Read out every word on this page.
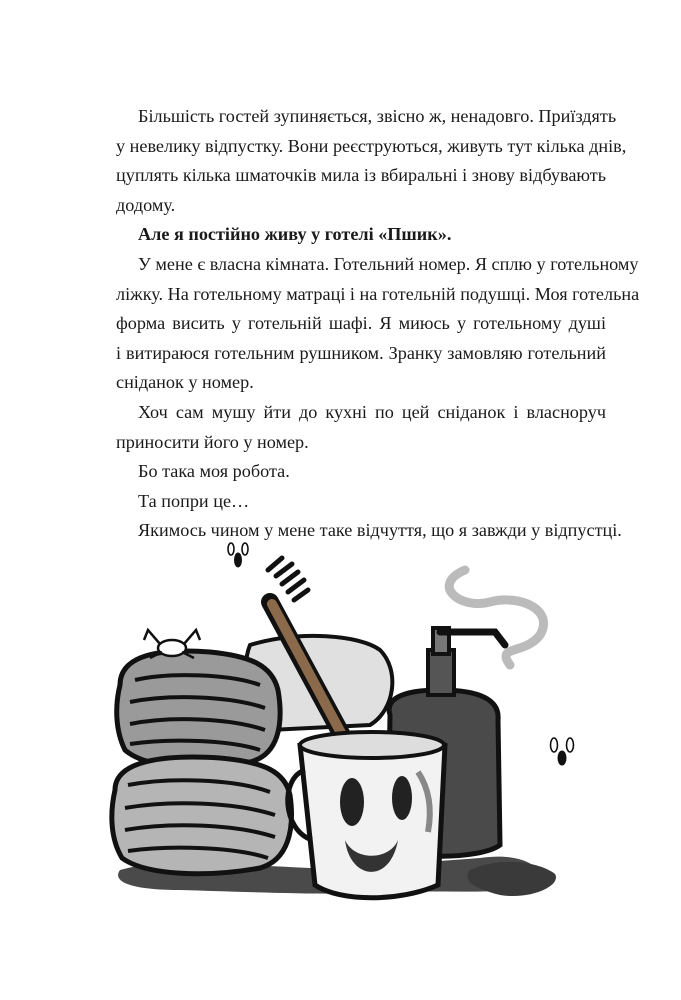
Більшість гостей зупиняється, звісно ж, ненадовго. Приїздять
у невелику відпустку. Вони реєструються, живуть тут кілька днів,
цуплять кілька шматочків мила із вбиральні і знову відбувають
додому.
Але я постійно живу у готелі «Пшик».
У мене є власна кімната. Готельний номер. Я сплю у готельному
ліжку. На готельному матраці і на готельній подушці. Моя готельна
форма висить у готельній шафі. Я миюсь у готельному душі
і витираюся готельним рушником. Зранку замовляю готельний
сніданок у номер.
Хоч сам мушу йти до кухні по цей сніданок і власноруч
приносити його у номер.
Бо така моя робота.
Та попри це…
Якимось чином у мене таке відчуття, що я завжди у відпустці.
